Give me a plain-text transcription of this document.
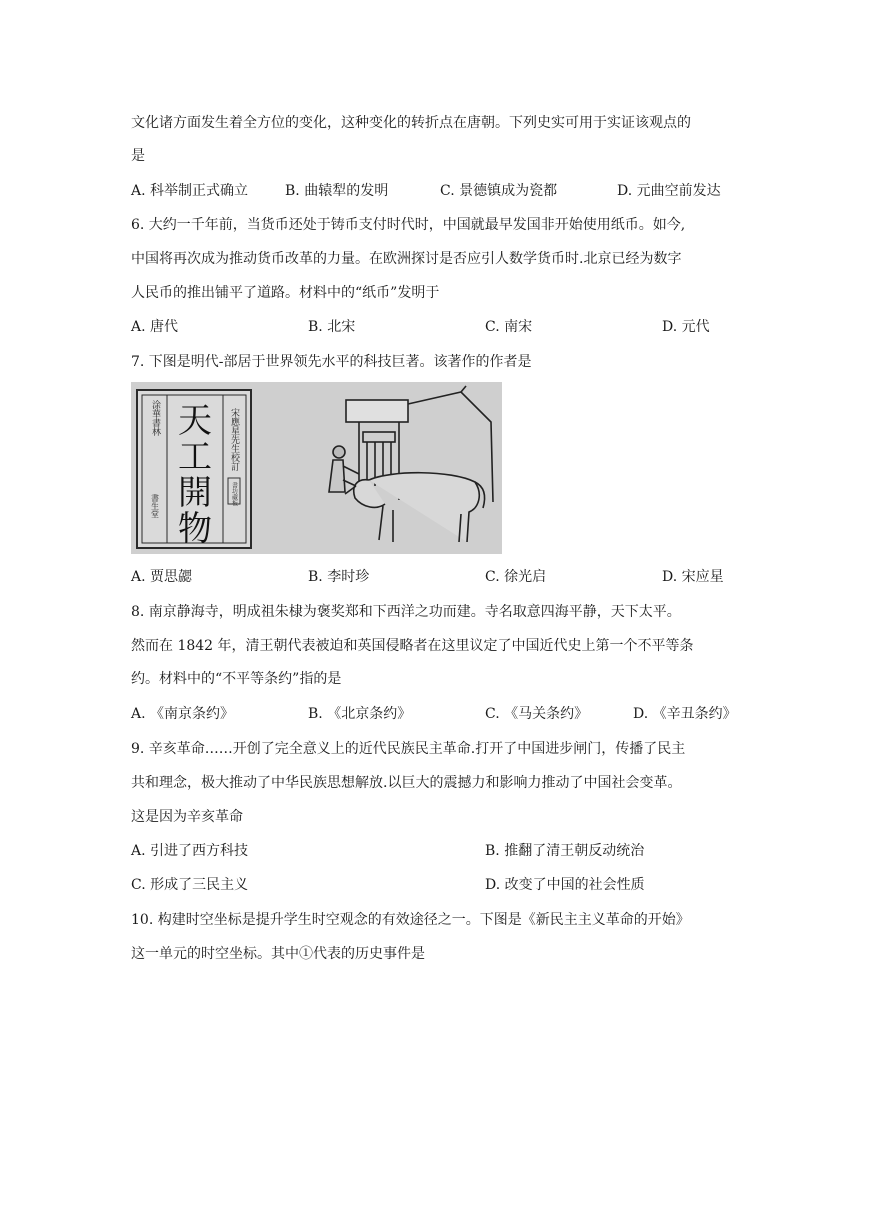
文化诸方面发生着全方位的变化，这种变化的转折点在唐朝。下列史实可用于实证该观点的
是
A. 科举制正式确立	B. 曲辕犁的发明	C. 景德镇成为瓷都	D. 元曲空前发达
6. 大约一千年前，当货币还处于铸币支付时代时，中国就最早发国非开始使用纸币。如今,
中国将再次成为推动货币改革的力量。在欧洲探讨是否应引人数学货币时.北京已经为数字
人民币的推出铺平了道路。材料中的“纸币”发明于
A. 唐代	B. 北宋	C. 南宋	D. 元代
7. 下图是明代-部居于世界领先水平的科技巨著。该著作的作者是
天
工
開
物
宋應星先生校訂
書坊藏板
涂華書林
書生堂
A. 贾思勰	B. 李时珍	C. 徐光启	D. 宋应星
8. 南京静海寺，明成祖朱棣为褒奖郑和下西洋之功而建。寺名取意四海平静，天下太平。
然而在 1842 年，清王朝代表被迫和英国侵略者在这里议定了中国近代史上第一个不平等条
约。材料中的“不平等条约”指的是
A. 《南京条约》	B. 《北京条约》	C. 《马关条约》	D. 《辛丑条约》
9. 辛亥革命……开创了完全意义上的近代民族民主革命.打开了中国进步闸门，传播了民主
共和理念，极大推动了中华民族思想解放.以巨大的震撼力和影响力推动了中国社会变革。
这是因为辛亥革命
A. 引进了西方科技	B. 推翻了清王朝反动统治
C. 形成了三民主义	D. 改变了中国的社会性质
10. 构建时空坐标是提升学生时空观念的有效途径之一。下图是《新民主主义革命的开始》
这一单元的时空坐标。其中①代表的历史事件是
